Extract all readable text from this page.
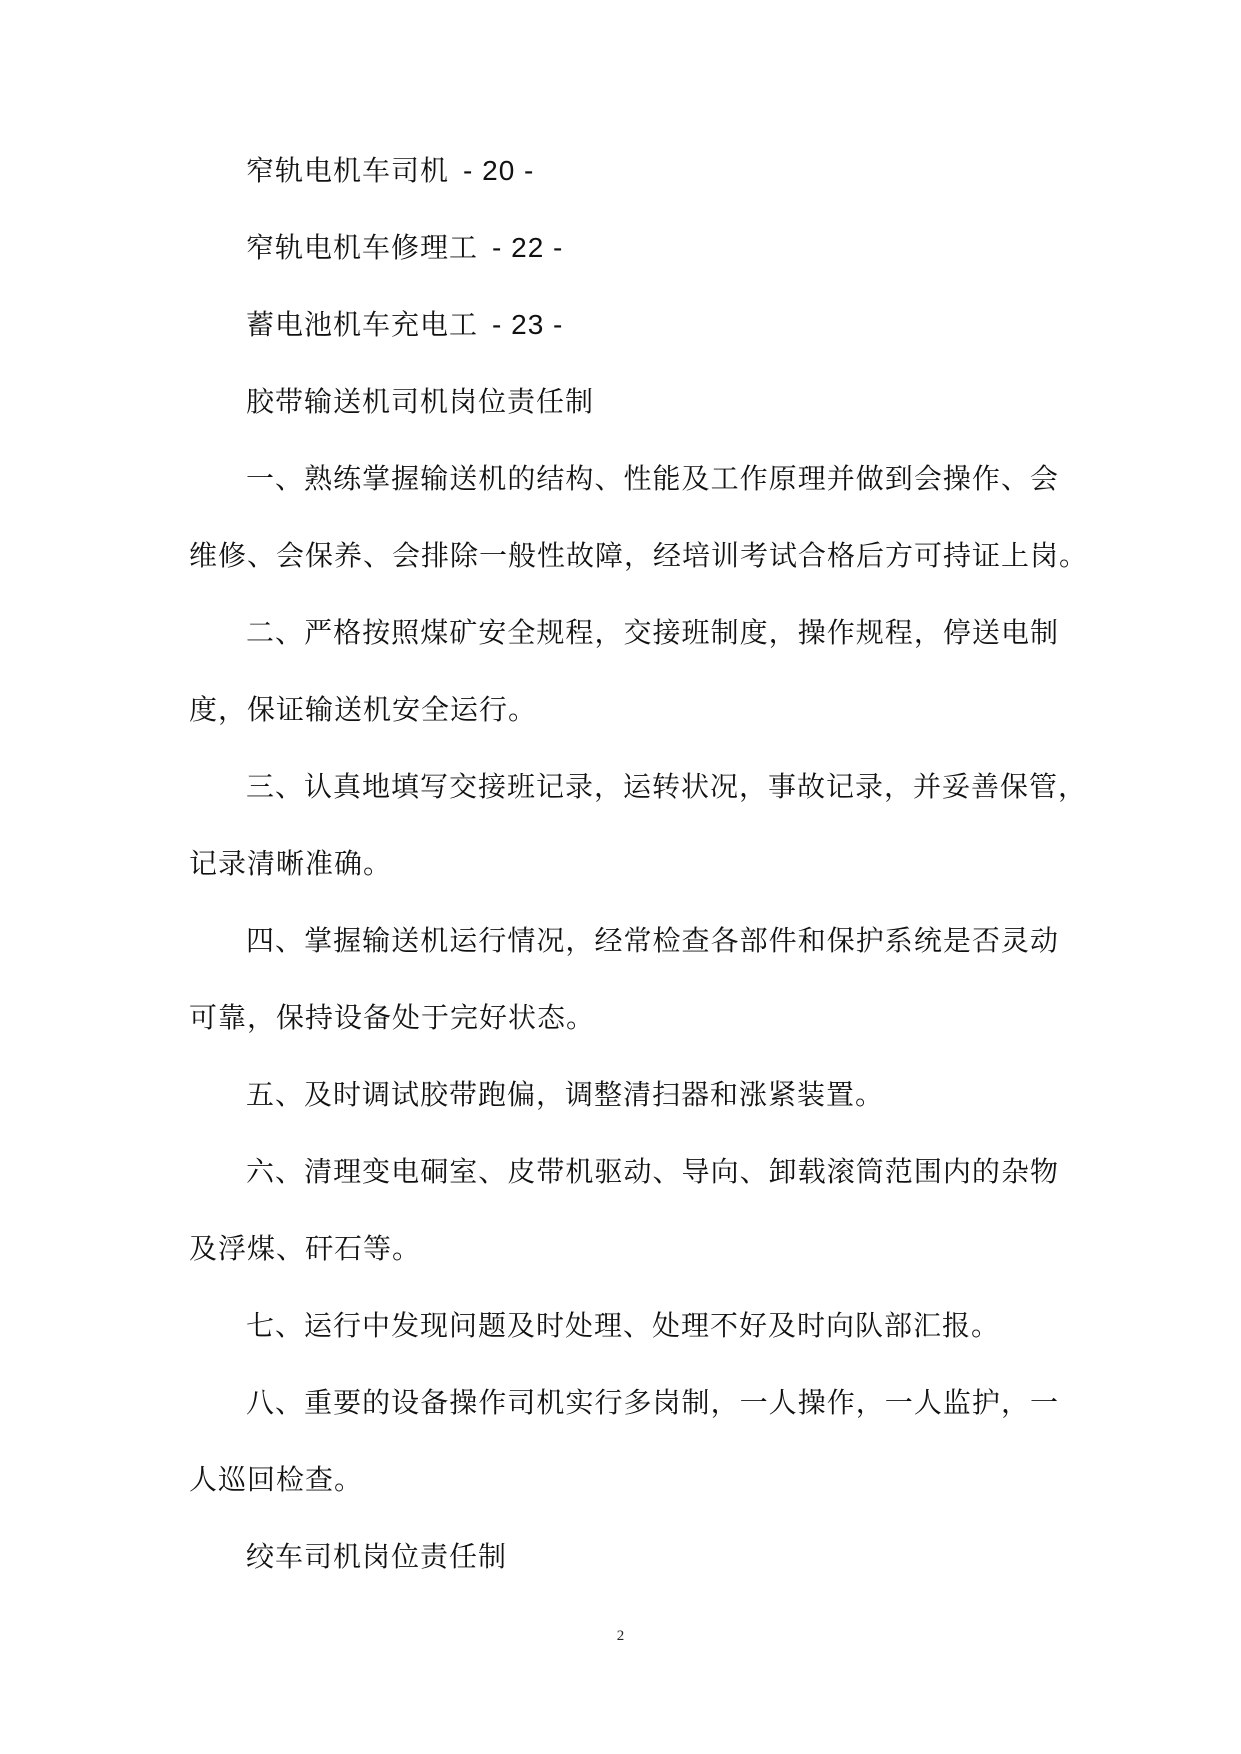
窄轨电机车司机 - 20 -
窄轨电机车修理工 - 22 -
蓄电池机车充电工 - 23 -
胶带输送机司机岗位责任制
一、熟练掌握输送机的结构、性能及工作原理并做到会操作、会
维修、会保养、会排除一般性故障，经培训考试合格后方可持证上岗。
二、严格按照煤矿安全规程，交接班制度，操作规程，停送电制
度，保证输送机安全运行。
三、认真地填写交接班记录，运转状况，事故记录，并妥善保管，
记录清晰准确。
四、掌握输送机运行情况，经常检查各部件和保护系统是否灵动
可靠，保持设备处于完好状态。
五、及时调试胶带跑偏，调整清扫器和涨紧装置。
六、清理变电硐室、皮带机驱动、导向、卸载滚筒范围内的杂物
及浮煤、矸石等。
七、运行中发现问题及时处理、处理不好及时向队部汇报。
八、重要的设备操作司机实行多岗制，一人操作，一人监护，一
人巡回检查。
绞车司机岗位责任制
2
